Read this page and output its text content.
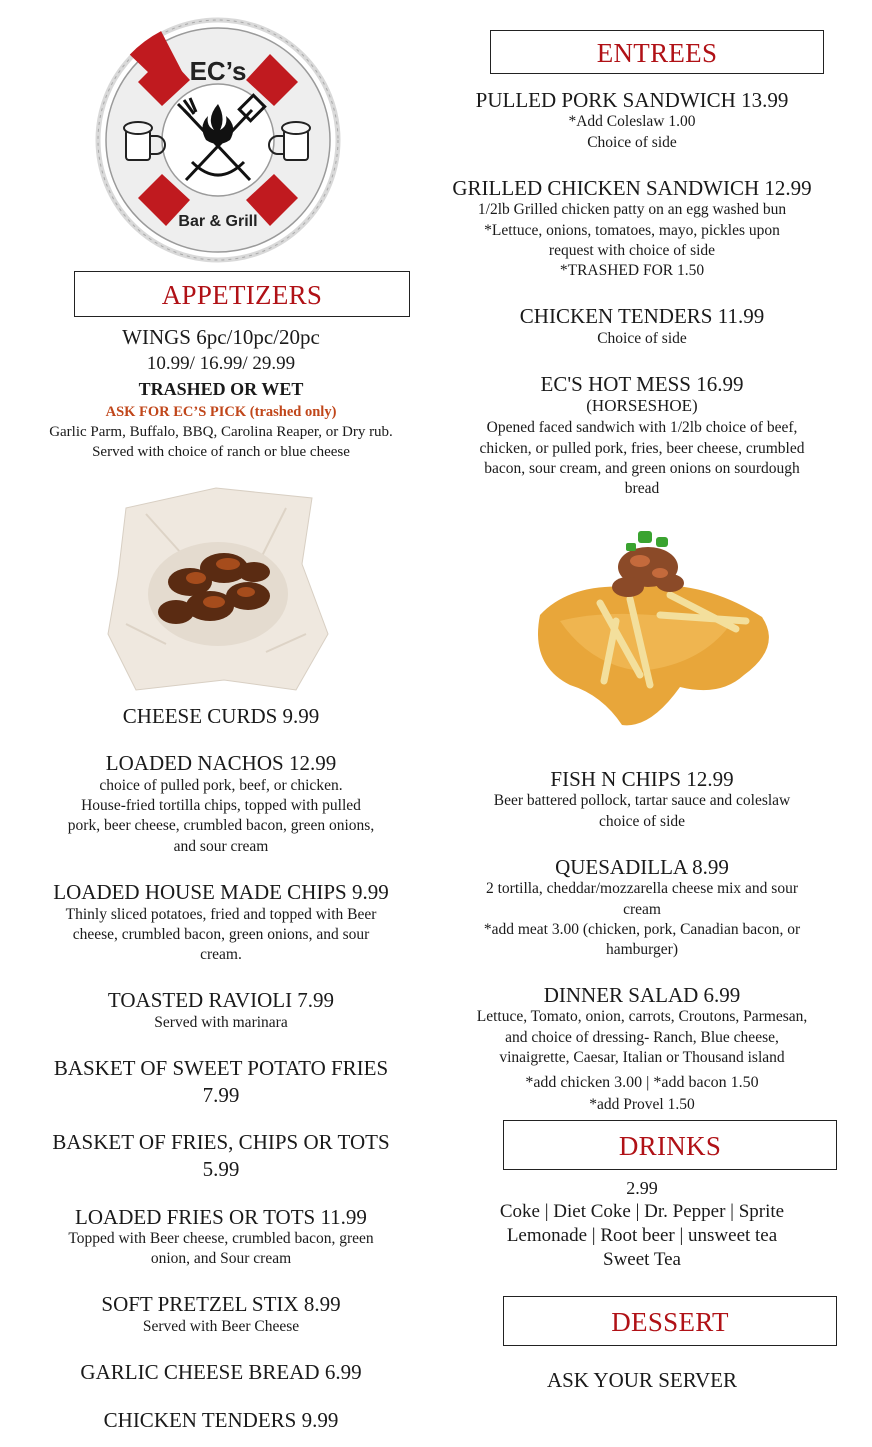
EC’s
Bar & Grill
APPETIZERS
WINGS 6pc/10pc/20pc
10.99/ 16.99/ 29.99
TRASHED OR WET
ASK FOR EC’S PICK (trashed only)
Garlic Parm, Buffalo, BBQ, Carolina Reaper, or Dry rub.
Served with choice of ranch or blue cheese
CHEESE CURDS 9.99
LOADED NACHOS 12.99
choice of pulled pork, beef, or chicken.
House-fried tortilla chips, topped with pulled
pork, beer cheese, crumbled bacon, green onions,
and sour cream
LOADED HOUSE MADE CHIPS 9.99
Thinly sliced potatoes, fried and topped with Beer
cheese, crumbled bacon, green onions, and sour
cream.
TOASTED RAVIOLI 7.99
Served with marinara
BASKET OF SWEET POTATO FRIES
7.99
BASKET OF FRIES, CHIPS OR TOTS
5.99
LOADED FRIES OR TOTS 11.99
Topped with Beer cheese, crumbled bacon, green
onion, and Sour cream
SOFT PRETZEL STIX 8.99
Served with Beer Cheese
GARLIC CHEESE BREAD 6.99
CHICKEN TENDERS 9.99
ENTREES
PULLED PORK SANDWICH 13.99
*Add Coleslaw 1.00
Choice of side
GRILLED CHICKEN SANDWICH 12.99
1/2lb Grilled chicken patty on an egg washed bun
*Lettuce, onions, tomatoes, mayo, pickles upon
request with choice of side
*TRASHED FOR 1.50
CHICKEN TENDERS 11.99
Choice of side
EC'S HOT MESS 16.99
(HORSESHOE)
Opened faced sandwich with 1/2lb choice of beef,
chicken, or pulled pork, fries, beer cheese, crumbled
bacon, sour cream, and green onions on sourdough
bread
FISH N CHIPS 12.99
Beer battered pollock, tartar sauce and coleslaw
choice of side
QUESADILLA 8.99
2 tortilla, cheddar/mozzarella cheese mix and sour
cream
*add meat 3.00 (chicken, pork, Canadian bacon, or
hamburger)
DINNER SALAD 6.99
Lettuce, Tomato, onion, carrots, Croutons, Parmesan,
and choice of dressing- Ranch, Blue cheese,
vinaigrette, Caesar, Italian or Thousand island
*add chicken 3.00 | *add bacon 1.50
*add Provel 1.50
2.99
Coke | Diet Coke | Dr. Pepper | Sprite
Lemonade | Root beer | unsweet tea
Sweet Tea
ASK YOUR SERVER
DRINKS
DESSERT
